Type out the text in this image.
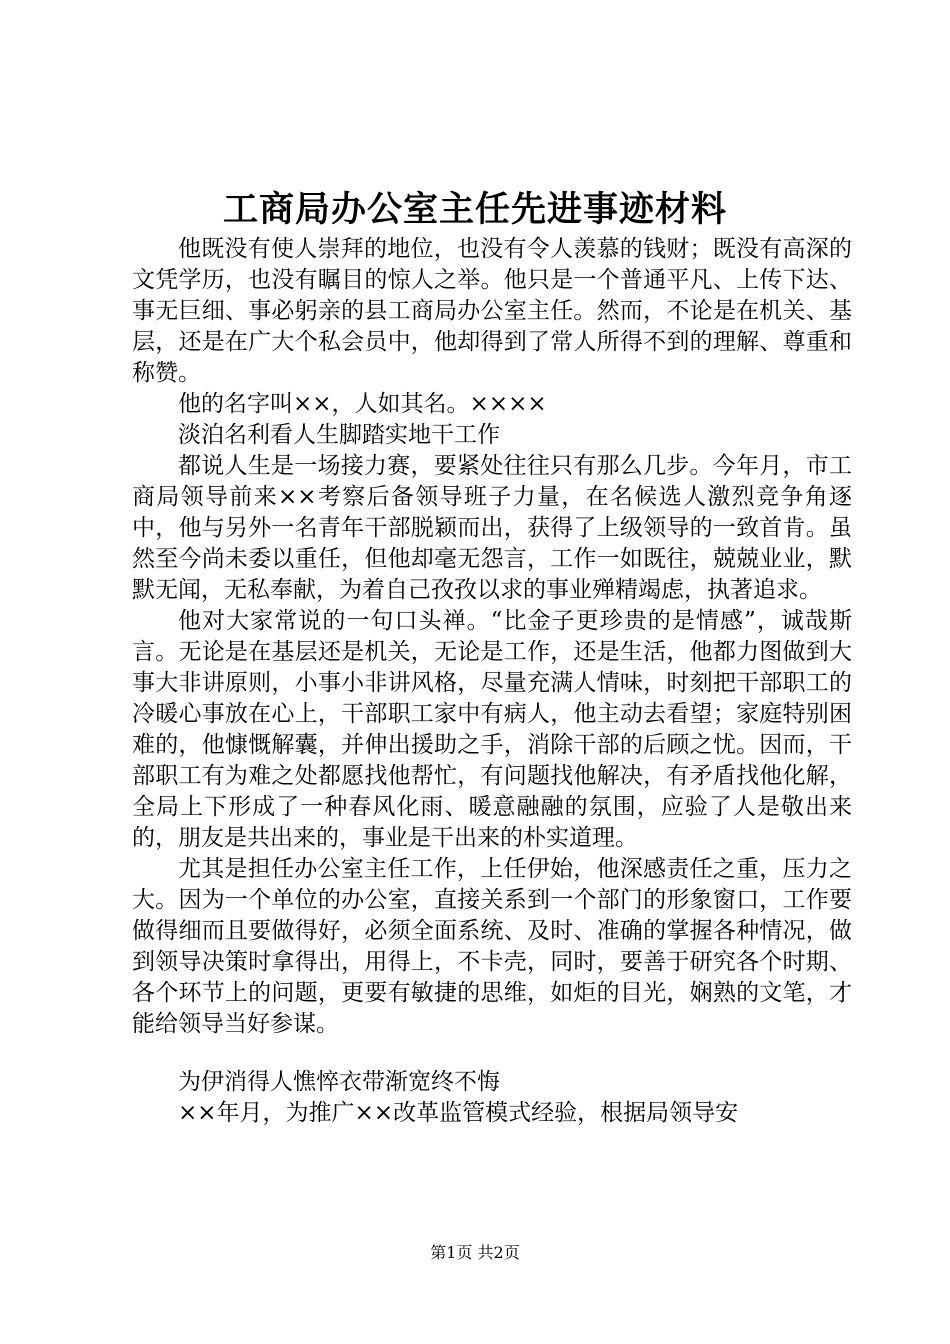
工商局办公室主任先进事迹材料

他既没有使人崇拜的地位，也没有令人羡慕的钱财；既没有高深的文凭学历，也没有瞩目的惊人之举。他只是一个普通平凡、上传下达、事无巨细、事必躬亲的县工商局办公室主任。然而，不论是在机关、基层，还是在广大个私会员中，他却得到了常人所得不到的理解、尊重和称赞。

他的名字叫××，人如其名。××××

淡泊名利看人生脚踏实地干工作

都说人生是一场接力赛，要紧处往往只有那么几步。今年月，市工商局领导前来××考察后备领导班子力量，在名候选人激烈竞争角逐中，他与另外一名青年干部脱颖而出，获得了上级领导的一致首肯。虽然至今尚未委以重任，但他却毫无怨言，工作一如既往，兢兢业业，默默无闻，无私奉献，为着自己孜孜以求的事业殚精竭虑，执著追求。

他对大家常说的一句口头禅。“比金子更珍贵的是情感”，诚哉斯言。无论是在基层还是机关，无论是工作，还是生活，他都力图做到大事大非讲原则，小事小非讲风格，尽量充满人情味，时刻把干部职工的冷暖心事放在心上，干部职工家中有病人，他主动去看望；家庭特别困难的，他慷慨解囊，并伸出援助之手，消除干部的后顾之忧。因而，干部职工有为难之处都愿找他帮忙，有问题找他解决，有矛盾找他化解，全局上下形成了一种春风化雨、暖意融融的氛围，应验了人是敬出来的，朋友是共出来的，事业是干出来的朴实道理。

尤其是担任办公室主任工作，上任伊始，他深感责任之重，压力之大。因为一个单位的办公室，直接关系到一个部门的形象窗口，工作要做得细而且要做得好，必须全面系统、及时、准确的掌握各种情况，做到领导决策时拿得出，用得上，不卡壳，同时，要善于研究各个时期、各个环节上的问题，更要有敏捷的思维，如炬的目光，娴熟的文笔，才能给领导当好参谋。

为伊消得人憔悴衣带渐宽终不悔

××年月，为推广××改革监管模式经验，根据局领导安

第1页 共2页
